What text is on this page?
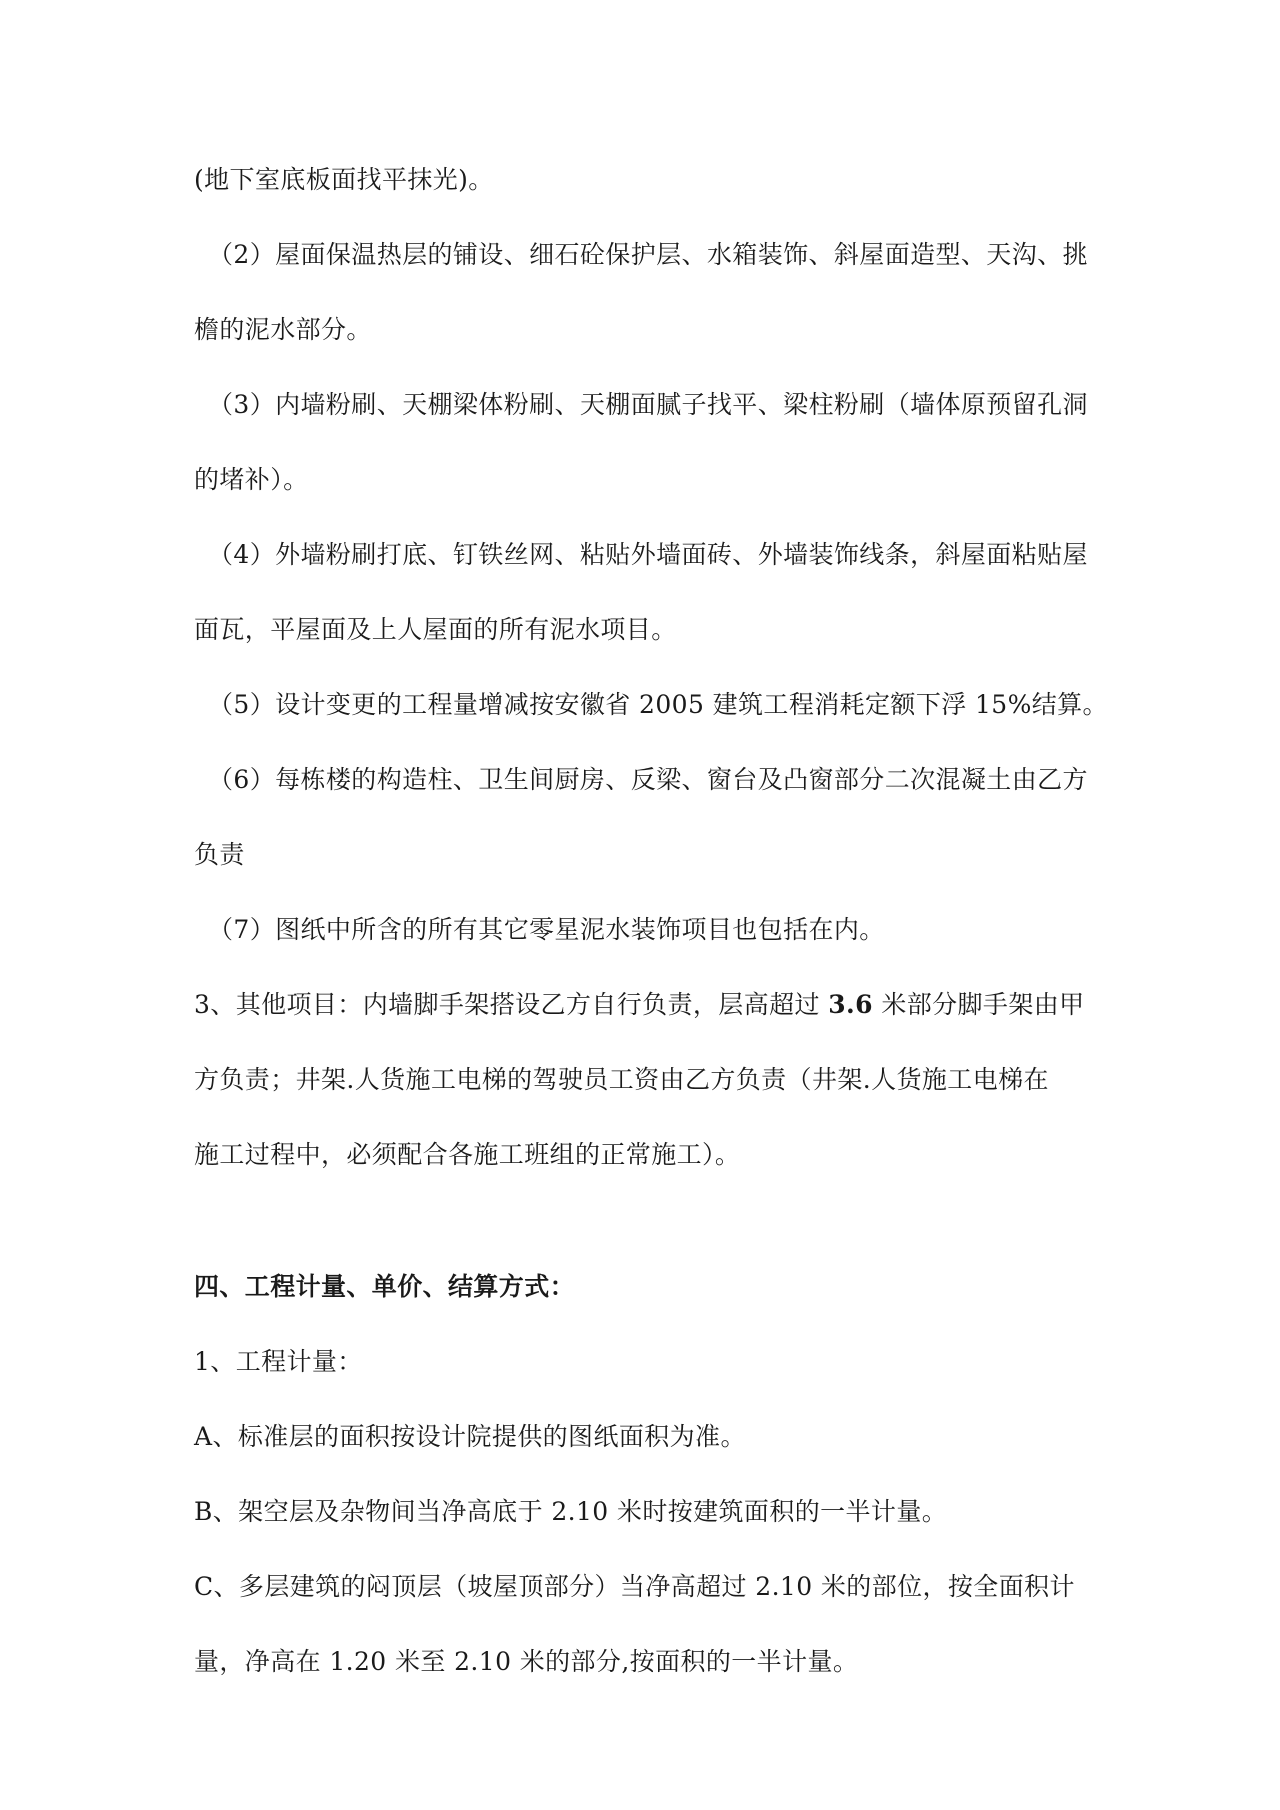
(地下室底板面找平抹光)。
（2）屋面保温热层的铺设、细石砼保护层、水箱装饰、斜屋面造型、天沟、挑
檐的泥水部分。
（3）内墙粉刷、天棚梁体粉刷、天棚面腻子找平、梁柱粉刷（墙体原预留孔洞
的堵补）。
（4）外墙粉刷打底、钉铁丝网、粘贴外墙面砖、外墙装饰线条，斜屋面粘贴屋
面瓦，平屋面及上人屋面的所有泥水项目。
（5）设计变更的工程量增减按安徽省 2005 建筑工程消耗定额下浮 15%结算。
（6）每栋楼的构造柱、卫生间厨房、反梁、窗台及凸窗部分二次混凝土由乙方
负责
（7）图纸中所含的所有其它零星泥水装饰项目也包括在内。
3、其他项目：内墙脚手架搭设乙方自行负责，层高超过 3.6 米部分脚手架由甲
方负责；井架.人货施工电梯的驾驶员工资由乙方负责（井架.人货施工电梯在
施工过程中，必须配合各施工班组的正常施工）。
四、工程计量、单价、结算方式：
1、工程计量：
A、标准层的面积按设计院提供的图纸面积为准。
B、架空层及杂物间当净高底于 2.10 米时按建筑面积的一半计量。
C、多层建筑的闷顶层（坡屋顶部分）当净高超过 2.10 米的部位，按全面积计
量，净高在 1.20 米至 2.10 米的部分,按面积的一半计量。
